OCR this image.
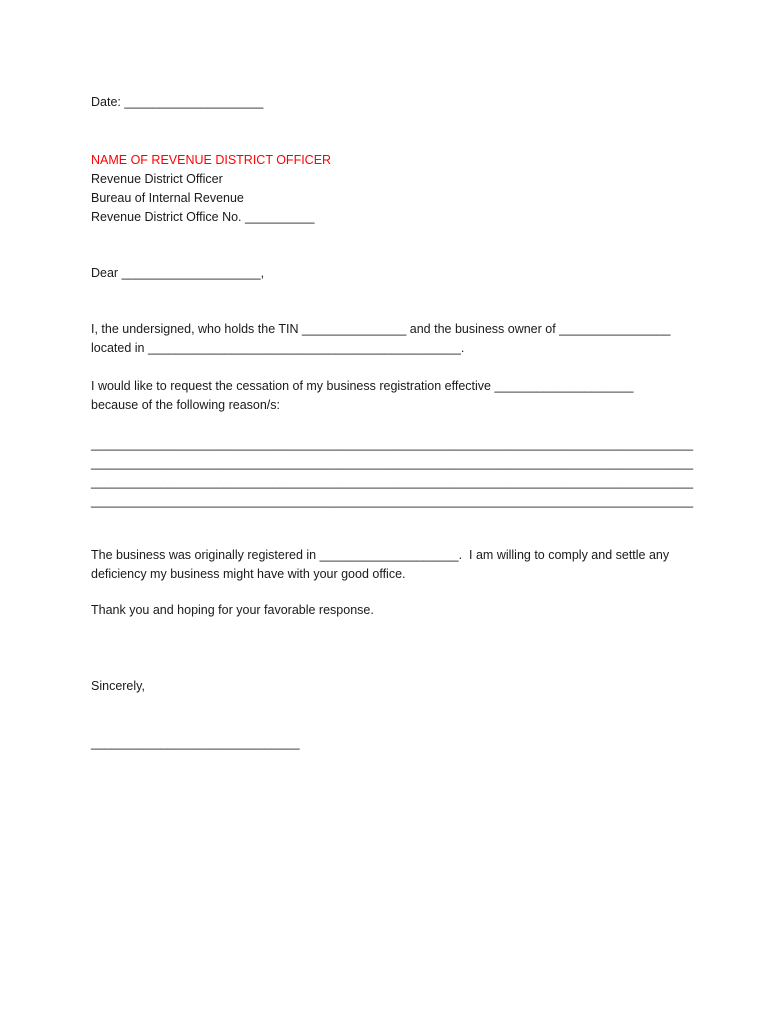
Date: ____________________

NAME OF REVENUE DISTRICT OFFICER

Revenue District Officer

Bureau of Internal Revenue

Revenue District Office No. __________

Dear ____________________,

I, the undersigned, who holds the TIN _______________ and the business owner of ________________

located in _____________________________________________.

I would like to request the cessation of my business registration effective ____________________

because of the following reason/s:

______________________________________________________________________________________

______________________________________________________________________________________

______________________________________________________________________________________

______________________________________________________________________________________

The business was originally registered in ____________________.  I am willing to comply and settle any

deficiency my business might have with your good office.

Thank you and hoping for your favorable response.

Sincerely,

______________________________
